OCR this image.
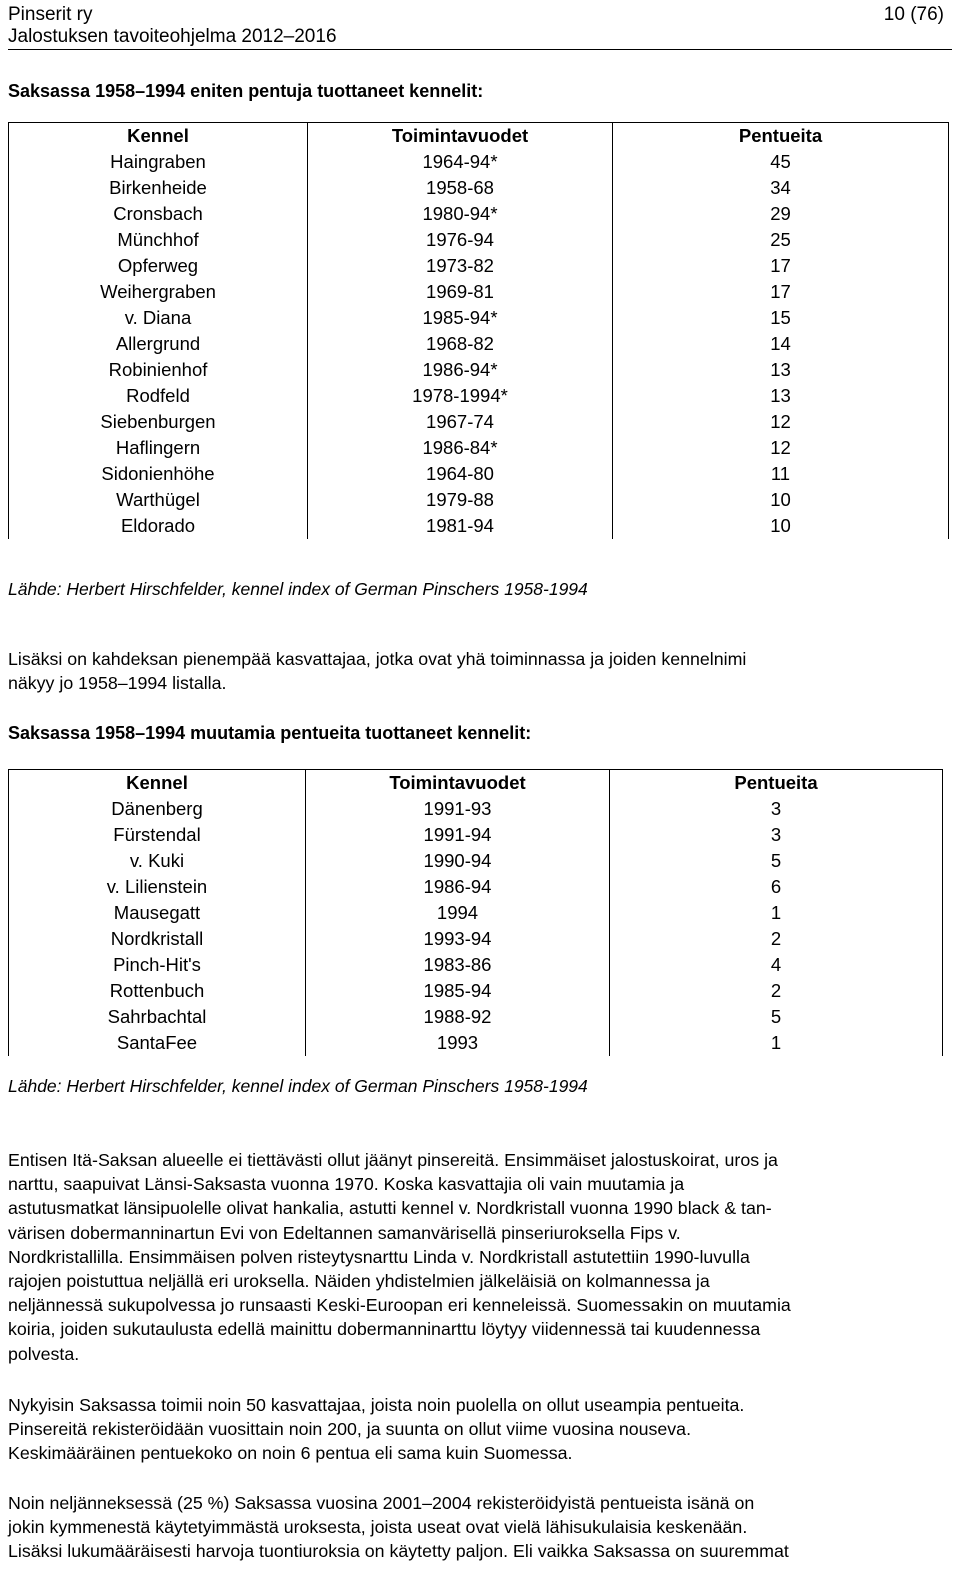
Pinserit ry
Jalostuksen tavoiteohjelma 2012–2016
10 (76)
Saksassa 1958–1994 eniten pentuja tuottaneet kennelit:
Kennel	Toimintavuodet	Pentueita
Haingraben	1964-94*	45
Birkenheide	1958-68	34
Cronsbach	1980-94*	29
Münchhof	1976-94	25
Opferweg	1973-82	17
Weihergraben	1969-81	17
v. Diana	1985-94*	15
Allergrund	1968-82	14
Robinienhof	1986-94*	13
Rodfeld	1978-1994*	13
Siebenburgen	1967-74	12
Haflingern	1986-84*	12
Sidonienhöhe	1964-80	11
Warthügel	1979-88	10
Eldorado	1981-94	10
Lähde: Herbert Hirschfelder, kennel index of German Pinschers 1958-1994
Lisäksi on kahdeksan pienempää kasvattajaa, jotka ovat yhä toiminnassa ja joiden kennelnimi
näkyy jo 1958–1994 listalla.
Saksassa 1958–1994 muutamia pentueita tuottaneet kennelit:
Kennel	Toimintavuodet	Pentueita
Dänenberg	1991-93	3
Fürstendal	1991-94	3
v. Kuki	1990-94	5
v. Lilienstein	1986-94	6
Mausegatt	1994	1
Nordkristall	1993-94	2
Pinch-Hit's	1983-86	4
Rottenbuch	1985-94	2
Sahrbachtal	1988-92	5
SantaFee	1993	1
Lähde: Herbert Hirschfelder, kennel index of German Pinschers 1958-1994
Entisen Itä-Saksan alueelle ei tiettävästi ollut jäänyt pinsereitä. Ensimmäiset jalostuskoirat, uros ja
narttu, saapuivat Länsi-Saksasta vuonna 1970. Koska kasvattajia oli vain muutamia ja
astutusmatkat länsipuolelle olivat hankalia, astutti kennel v. Nordkristall vuonna 1990 black & tan-
värisen dobermanninartun Evi von Edeltannen samanvärisellä pinseriuroksella Fips v.
Nordkristallilla. Ensimmäisen polven risteytysnarttu Linda v. Nordkristall astutettiin 1990-luvulla
rajojen poistuttua neljällä eri uroksella. Näiden yhdistelmien jälkeläisiä on kolmannessa ja
neljännessä sukupolvessa jo runsaasti Keski-Euroopan eri kenneleissä. Suomessakin on muutamia
koiria, joiden sukutaulusta edellä mainittu dobermanninarttu löytyy viidennessä tai kuudennessa
polvesta.
Nykyisin Saksassa toimii noin 50 kasvattajaa, joista noin puolella on ollut useampia pentueita.
Pinsereitä rekisteröidään vuosittain noin 200, ja suunta on ollut viime vuosina nouseva.
Keskimääräinen pentuekoko on noin 6 pentua eli sama kuin Suomessa.
Noin neljänneksessä (25 %) Saksassa vuosina 2001–2004 rekisteröidyistä pentueista isänä on
jokin kymmenestä käytetyimmästä uroksesta, joista useat ovat vielä lähisukulaisia keskenään.
Lisäksi lukumääräisesti harvoja tuontiuroksia on käytetty paljon. Eli vaikka Saksassa on suuremmat
